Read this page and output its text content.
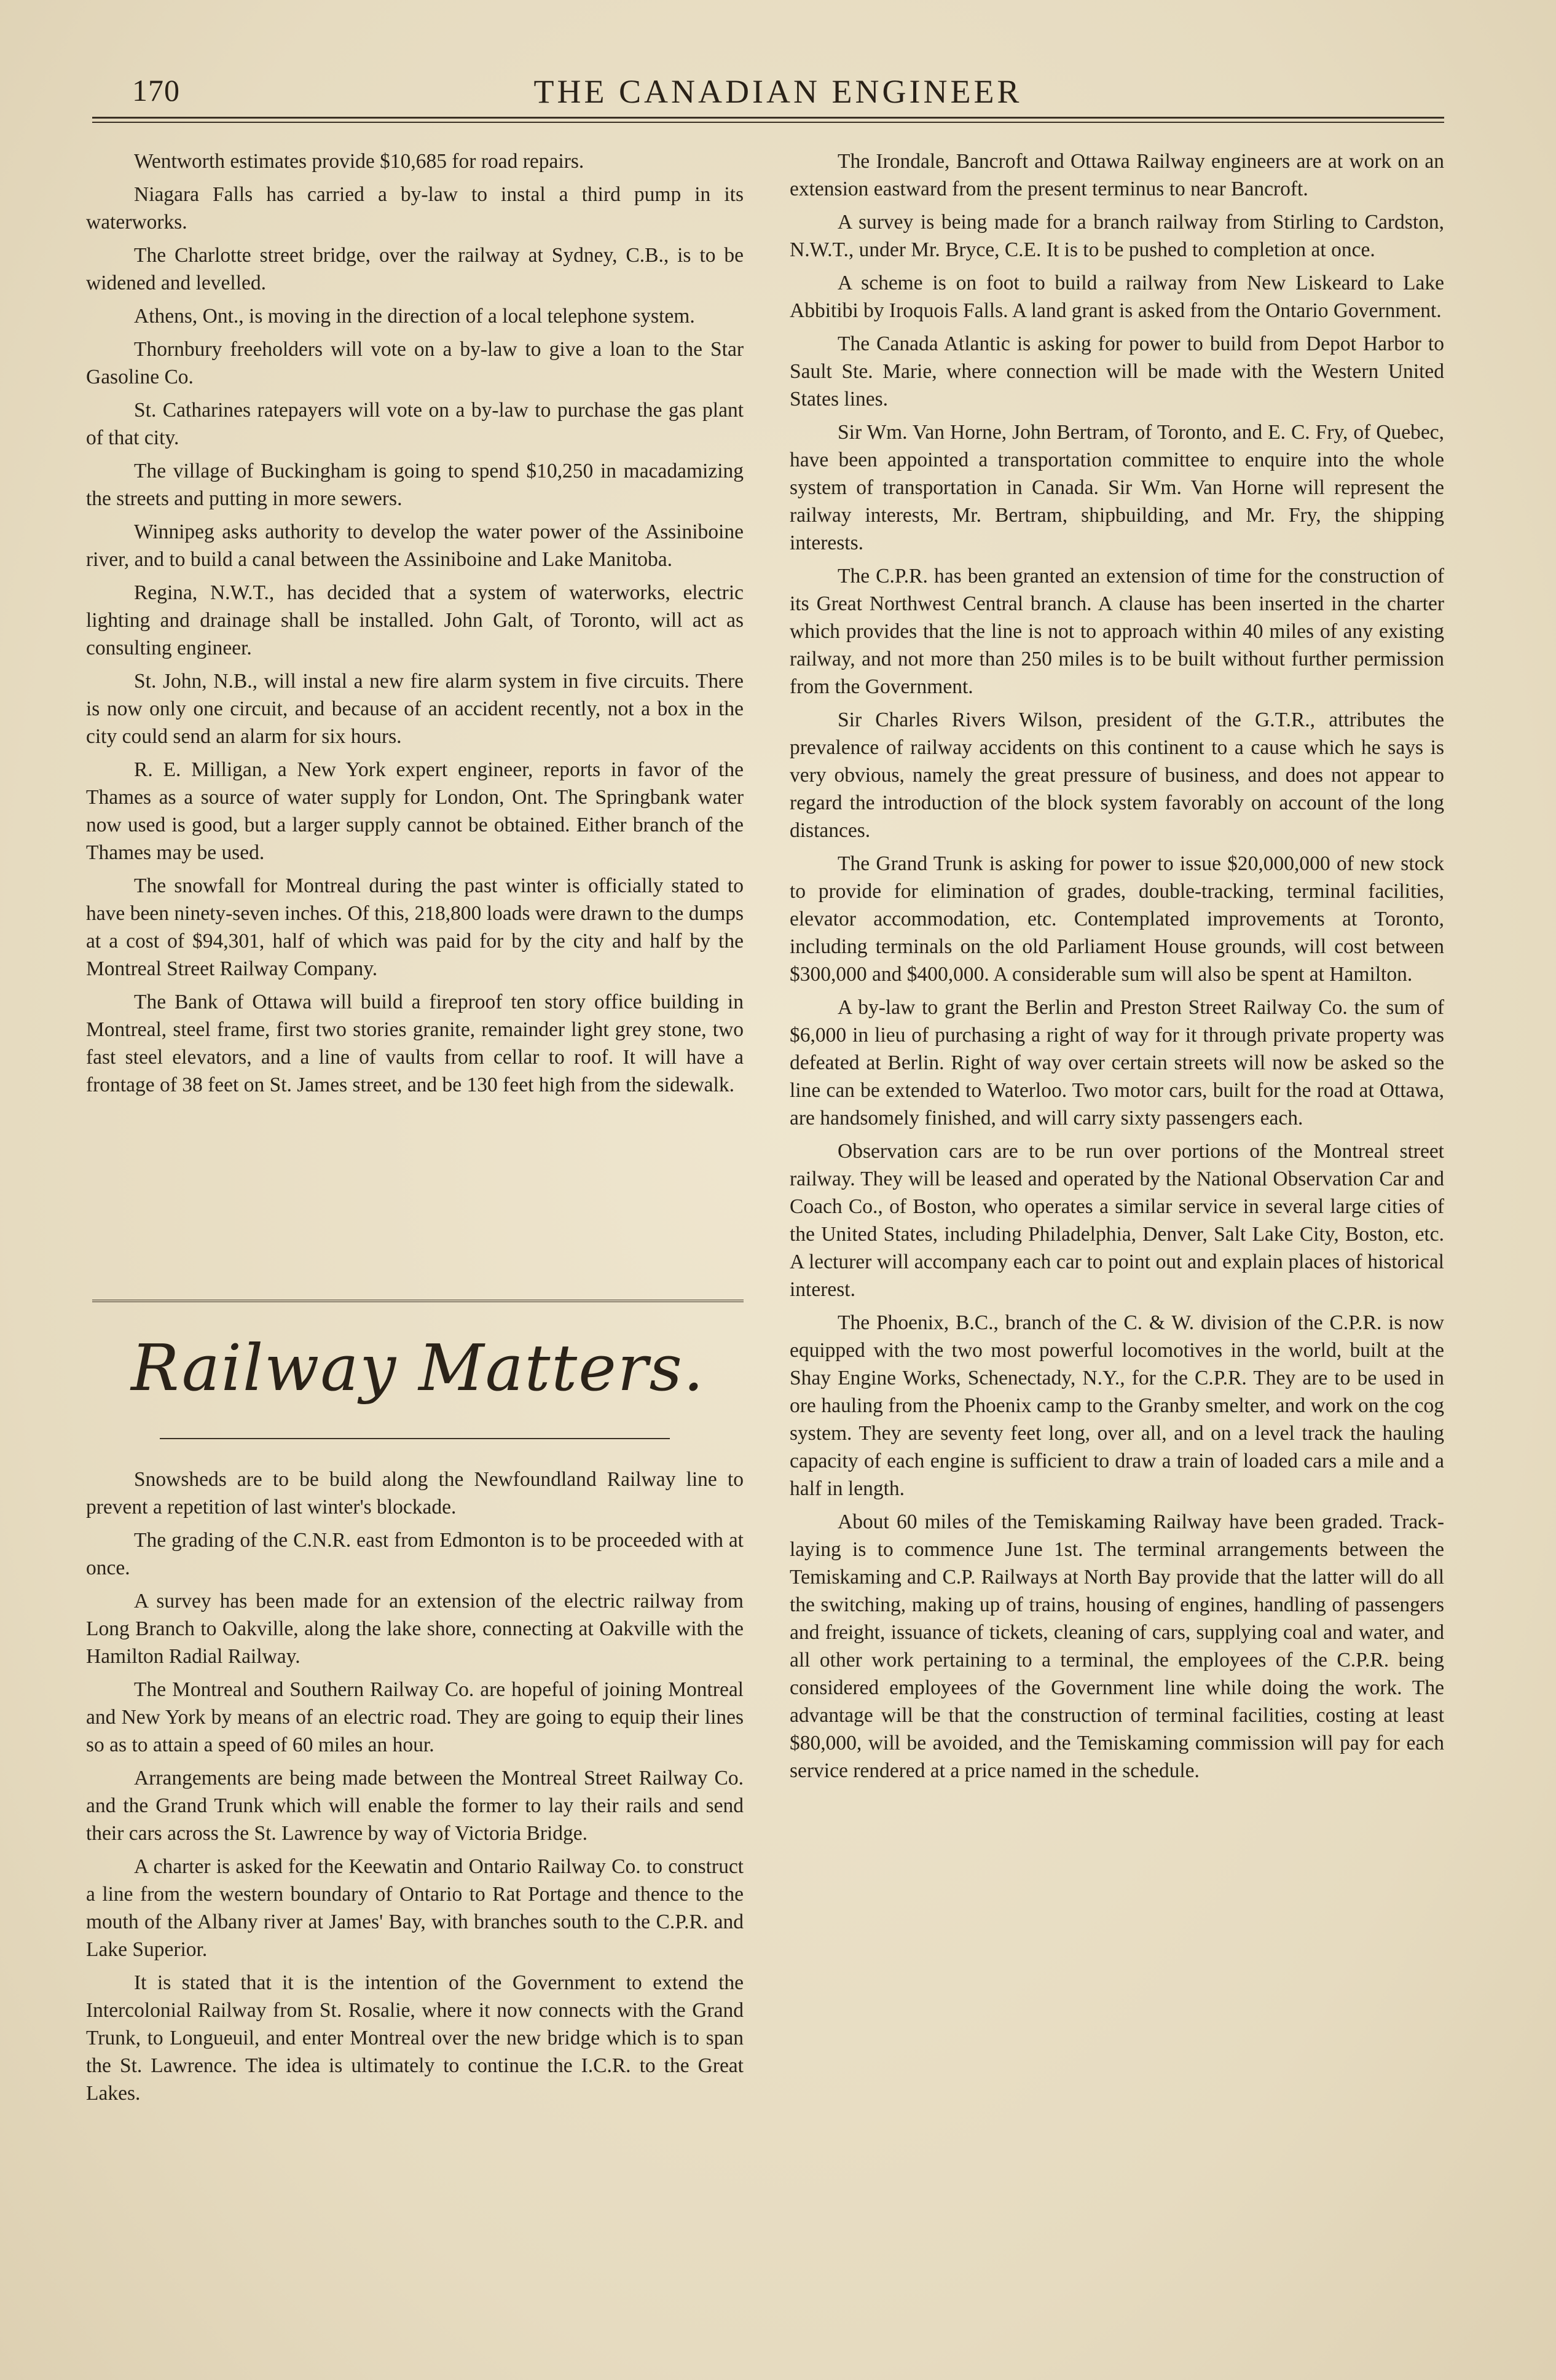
170	THE CANADIAN ENGINEER

Wentworth estimates provide $10,685 for road repairs.

Niagara Falls has carried a by-law to instal a third pump in its waterworks.

The Charlotte street bridge, over the railway at Sydney, C.B., is to be widened and levelled.

Athens, Ont., is moving in the direction of a local telephone system.

Thornbury freeholders will vote on a by-law to give a loan to the Star Gasoline Co.

St. Catharines ratepayers will vote on a by-law to purchase the gas plant of that city.

The village of Buckingham is going to spend $10,250 in macadamizing the streets and putting in more sewers.

Winnipeg asks authority to develop the water power of the Assiniboine river, and to build a canal between the Assiniboine and Lake Manitoba.

Regina, N.W.T., has decided that a system of waterworks, electric lighting and drainage shall be installed. John Galt, of Toronto, will act as consulting engineer.

St. John, N.B., will instal a new fire alarm system in five circuits. There is now only one circuit, and because of an accident recently, not a box in the city could send an alarm for six hours.

R. E. Milligan, a New York expert engineer, reports in favor of the Thames as a source of water supply for London, Ont. The Springbank water now used is good, but a larger supply cannot be obtained. Either branch of the Thames may be used.

The snowfall for Montreal during the past winter is officially stated to have been ninety-seven inches. Of this, 218,800 loads were drawn to the dumps at a cost of $94,301, half of which was paid for by the city and half by the Montreal Street Railway Company.

The Bank of Ottawa will build a fireproof ten story office building in Montreal, steel frame, first two stories granite, remainder light grey stone, two fast steel elevators, and a line of vaults from cellar to roof. It will have a frontage of 38 feet on St. James street, and be 130 feet high from the sidewalk.

Railway Matters.

Snowsheds are to be build along the Newfoundland Railway line to prevent a repetition of last winter's blockade.

The grading of the C.N.R. east from Edmonton is to be proceeded with at once.

A survey has been made for an extension of the electric railway from Long Branch to Oakville, along the lake shore, connecting at Oakville with the Hamilton Radial Railway.

The Montreal and Southern Railway Co. are hopeful of joining Montreal and New York by means of an electric road. They are going to equip their lines so as to attain a speed of 60 miles an hour.

Arrangements are being made between the Montreal Street Railway Co. and the Grand Trunk which will enable the former to lay their rails and send their cars across the St. Lawrence by way of Victoria Bridge.

A charter is asked for the Keewatin and Ontario Railway Co. to construct a line from the western boundary of Ontario to Rat Portage and thence to the mouth of the Albany river at James' Bay, with branches south to the C.P.R. and Lake Superior.

It is stated that it is the intention of the Government to extend the Intercolonial Railway from St. Rosalie, where it now connects with the Grand Trunk, to Longueuil, and enter Montreal over the new bridge which is to span the St. Lawrence. The idea is ultimately to continue the I.C.R. to the Great Lakes.

The Irondale, Bancroft and Ottawa Railway engineers are at work on an extension eastward from the present terminus to near Bancroft.

A survey is being made for a branch railway from Stirling to Cardston, N.W.T., under Mr. Bryce, C.E. It is to be pushed to completion at once.

A scheme is on foot to build a railway from New Liskeard to Lake Abbitibi by Iroquois Falls. A land grant is asked from the Ontario Government.

The Canada Atlantic is asking for power to build from Depot Harbor to Sault Ste. Marie, where connection will be made with the Western United States lines.

Sir Wm. Van Horne, John Bertram, of Toronto, and E. C. Fry, of Quebec, have been appointed a transportation committee to enquire into the whole system of transportation in Canada. Sir Wm. Van Horne will represent the railway interests, Mr. Bertram, shipbuilding, and Mr. Fry, the shipping interests.

The C.P.R. has been granted an extension of time for the construction of its Great Northwest Central branch. A clause has been inserted in the charter which provides that the line is not to approach within 40 miles of any existing railway, and not more than 250 miles is to be built without further permission from the Government.

Sir Charles Rivers Wilson, president of the G.T.R., attributes the prevalence of railway accidents on this continent to a cause which he says is very obvious, namely the great pressure of business, and does not appear to regard the introduction of the block system favorably on account of the long distances.

The Grand Trunk is asking for power to issue $20,000,000 of new stock to provide for elimination of grades, double-tracking, terminal facilities, elevator accommodation, etc. Contemplated improvements at Toronto, including terminals on the old Parliament House grounds, will cost between $300,000 and $400,000. A considerable sum will also be spent at Hamilton.

A by-law to grant the Berlin and Preston Street Railway Co. the sum of $6,000 in lieu of purchasing a right of way for it through private property was defeated at Berlin. Right of way over certain streets will now be asked so the line can be extended to Waterloo. Two motor cars, built for the road at Ottawa, are handsomely finished, and will carry sixty passengers each.

Observation cars are to be run over portions of the Montreal street railway. They will be leased and operated by the National Observation Car and Coach Co., of Boston, who operates a similar service in several large cities of the United States, including Philadelphia, Denver, Salt Lake City, Boston, etc. A lecturer will accompany each car to point out and explain places of historical interest.

The Phoenix, B.C., branch of the C. & W. division of the C.P.R. is now equipped with the two most powerful locomotives in the world, built at the Shay Engine Works, Schenectady, N.Y., for the C.P.R. They are to be used in ore hauling from the Phoenix camp to the Granby smelter, and work on the cog system. They are seventy feet long, over all, and on a level track the hauling capacity of each engine is sufficient to draw a train of loaded cars a mile and a half in length.

About 60 miles of the Temiskaming Railway have been graded. Track-laying is to commence June 1st. The terminal arrangements between the Temiskaming and C.P. Railways at North Bay provide that the latter will do all the switching, making up of trains, housing of engines, handling of passengers and freight, issuance of tickets, cleaning of cars, supplying coal and water, and all other work pertaining to a terminal, the employees of the C.P.R. being considered employees of the Government line while doing the work. The advantage will be that the construction of terminal facilities, costing at least $80,000, will be avoided, and the Temiskaming commission will pay for each service rendered at a price named in the schedule.
